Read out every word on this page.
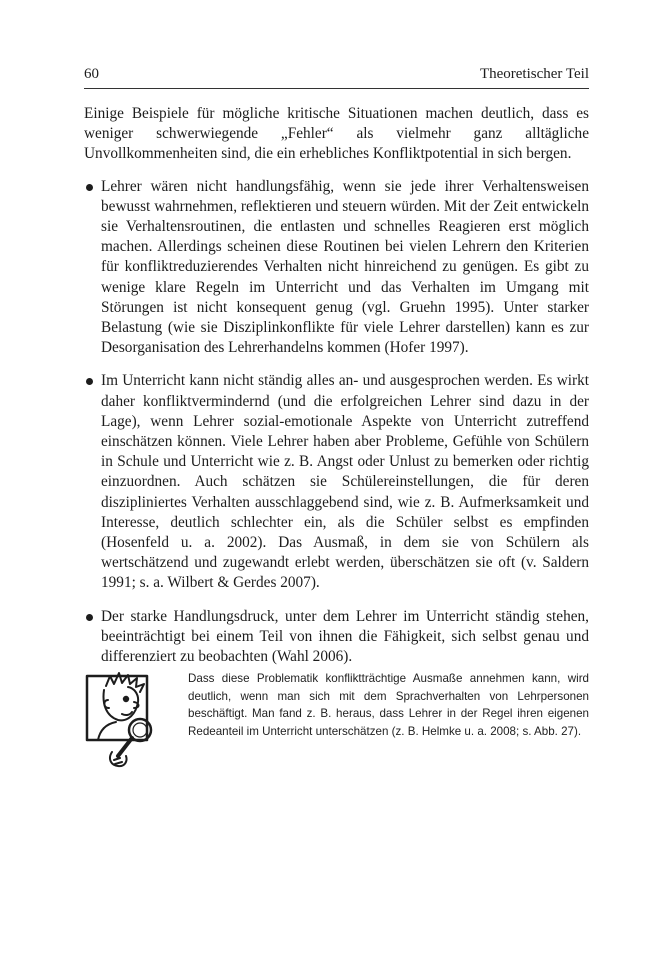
60	Theoretischer Teil

Einige Beispiele für mögliche kritische Situationen machen deutlich, dass es weniger schwerwiegende „Fehler“ als vielmehr ganz alltägliche Unvollkommenheiten sind, die ein erhebliches Konfliktpotential in sich bergen.

Lehrer wären nicht handlungsfähig, wenn sie jede ihrer Verhaltensweisen bewusst wahrnehmen, reflektieren und steuern würden. Mit der Zeit entwickeln sie Verhaltensroutinen, die entlasten und schnelles Reagieren erst möglich machen. Allerdings scheinen diese Routinen bei vielen Lehrern den Kriterien für konfliktreduzierendes Verhalten nicht hinreichend zu genügen. Es gibt zu wenige klare Regeln im Unterricht und das Verhalten im Umgang mit Störungen ist nicht konsequent genug (vgl. Gruehn 1995). Unter starker Belastung (wie sie Disziplinkonflikte für viele Lehrer darstellen) kann es zur Desorganisation des Lehrerhandelns kommen (Hofer 1997).
Im Unterricht kann nicht ständig alles an- und ausgesprochen werden. Es wirkt daher konfliktvermindernd (und die erfolgreichen Lehrer sind dazu in der Lage), wenn Lehrer sozial-emotionale Aspekte von Unterricht zutreffend einschätzen können. Viele Lehrer haben aber Probleme, Gefühle von Schülern in Schule und Unterricht wie z. B. Angst oder Unlust zu bemerken oder richtig einzuordnen. Auch schätzen sie Schülereinstellungen, die für deren diszipliniertes Verhalten ausschlaggebend sind, wie z. B. Aufmerksamkeit und Interesse, deutlich schlechter ein, als die Schüler selbst es empfinden (Hosenfeld u. a. 2002). Das Ausmaß, in dem sie von Schülern als wertschätzend und zugewandt erlebt werden, überschätzen sie oft (v. Saldern 1991; s. a. Wilbert & Gerdes 2007).
Der starke Handlungsdruck, unter dem Lehrer im Unterricht ständig stehen, beeinträchtigt bei einem Teil von ihnen die Fähigkeit, sich selbst genau und differenziert zu beobachten (Wahl 2006).
Dass diese Problematik konfliktträchtige Ausmaße annehmen kann, wird deutlich, wenn man sich mit dem Sprachverhalten von Lehrpersonen beschäftigt. Man fand z. B. heraus, dass Lehrer in der Regel ihren eigenen Redeanteil im Unterricht unterschätzen (z. B. Helmke u. a. 2008; s. Abb. 27).
